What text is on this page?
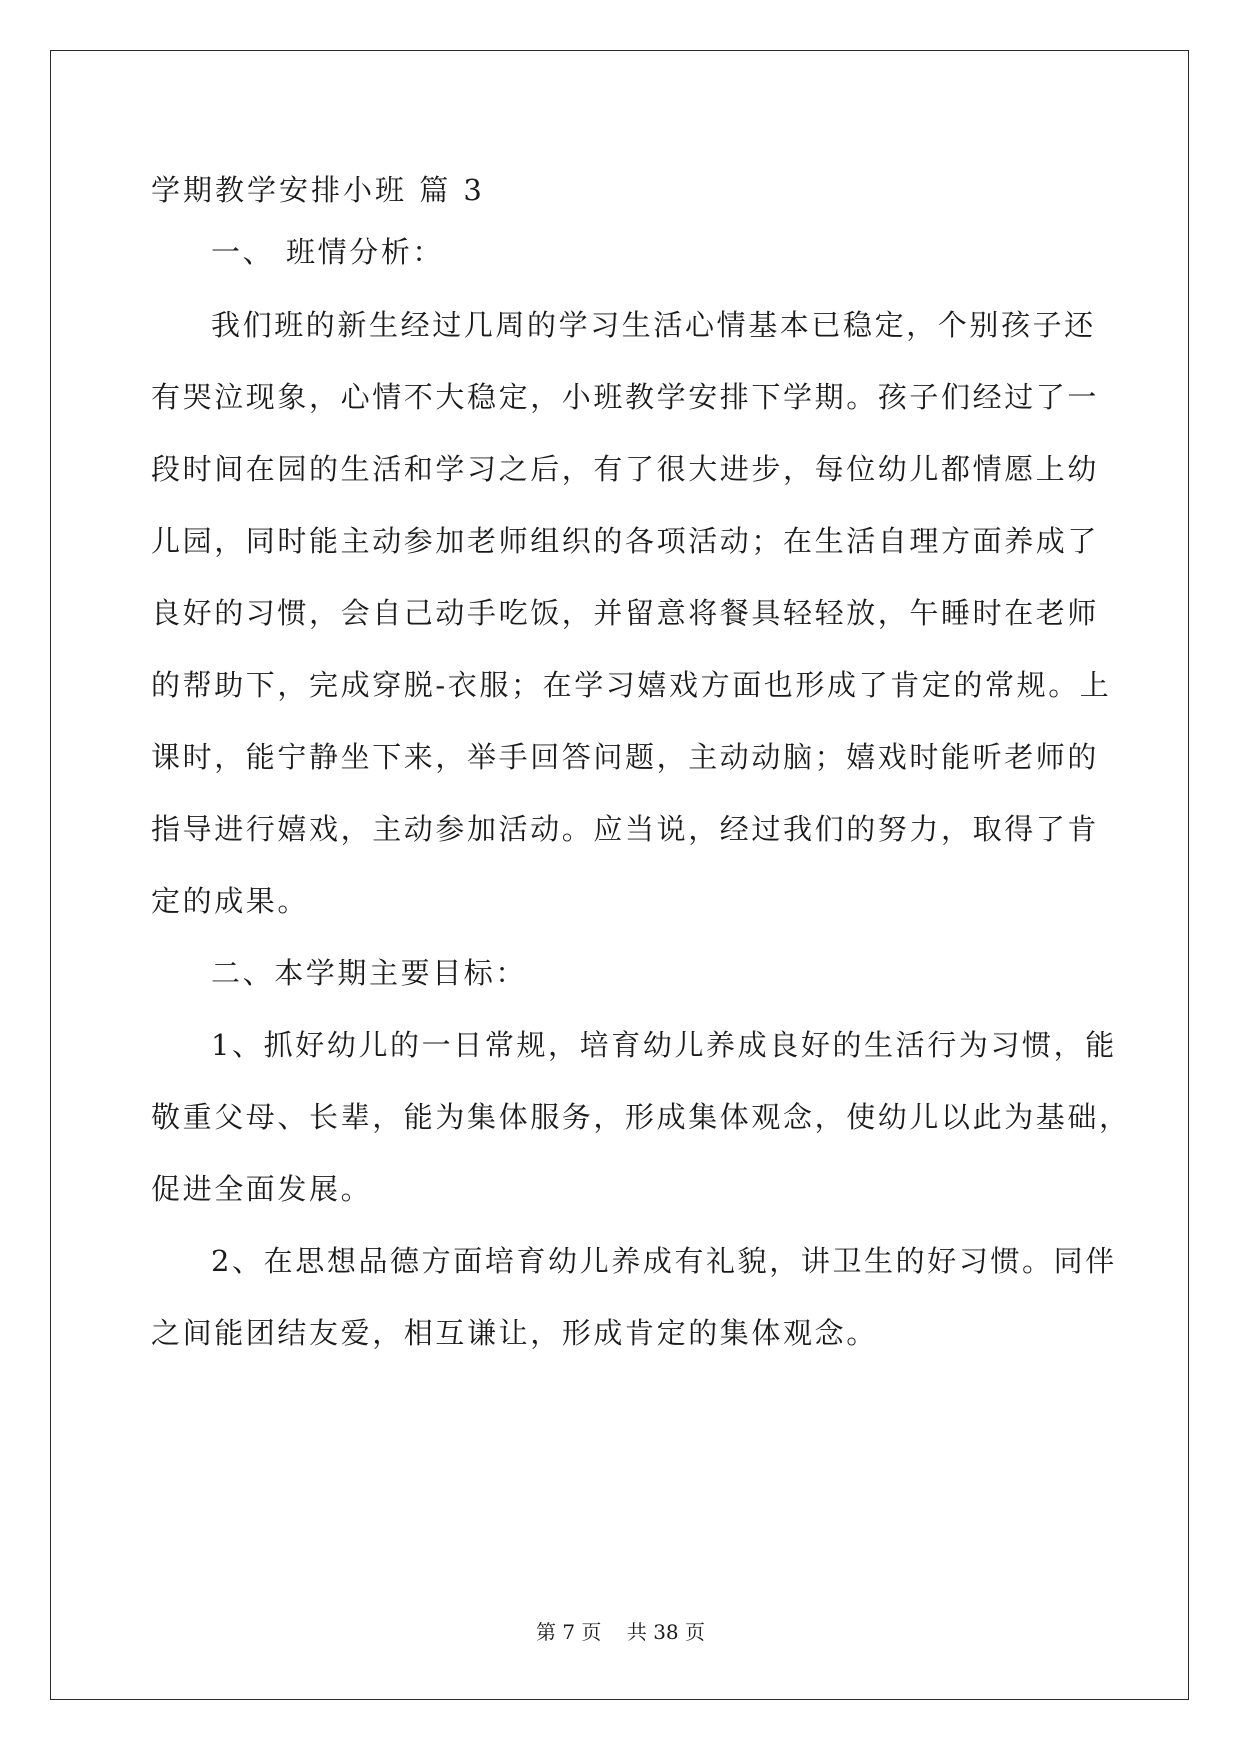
学期教学安排小班 篇 3
一、 班情分析：
我们班的新生经过几周的学习生活心情基本已稳定，个别孩子还
有哭泣现象，心情不大稳定，小班教学安排下学期。孩子们经过了一
段时间在园的生活和学习之后，有了很大进步，每位幼儿都情愿上幼
儿园，同时能主动参加老师组织的各项活动；在生活自理方面养成了
良好的习惯，会自己动手吃饭，并留意将餐具轻轻放，午睡时在老师
的帮助下，完成穿脱-衣服；在学习嬉戏方面也形成了肯定的常规。上
课时，能宁静坐下来，举手回答问题，主动动脑；嬉戏时能听老师的
指导进行嬉戏，主动参加活动。应当说，经过我们的努力，取得了肯
定的成果。
二、本学期主要目标：
1、抓好幼儿的一日常规，培育幼儿养成良好的生活行为习惯，能
敬重父母、长辈，能为集体服务，形成集体观念，使幼儿以此为基础，
促进全面发展。
2、在思想品德方面培育幼儿养成有礼貌，讲卫生的好习惯。同伴
之间能团结友爱，相互谦让，形成肯定的集体观念。
第 7 页    共 38 页
